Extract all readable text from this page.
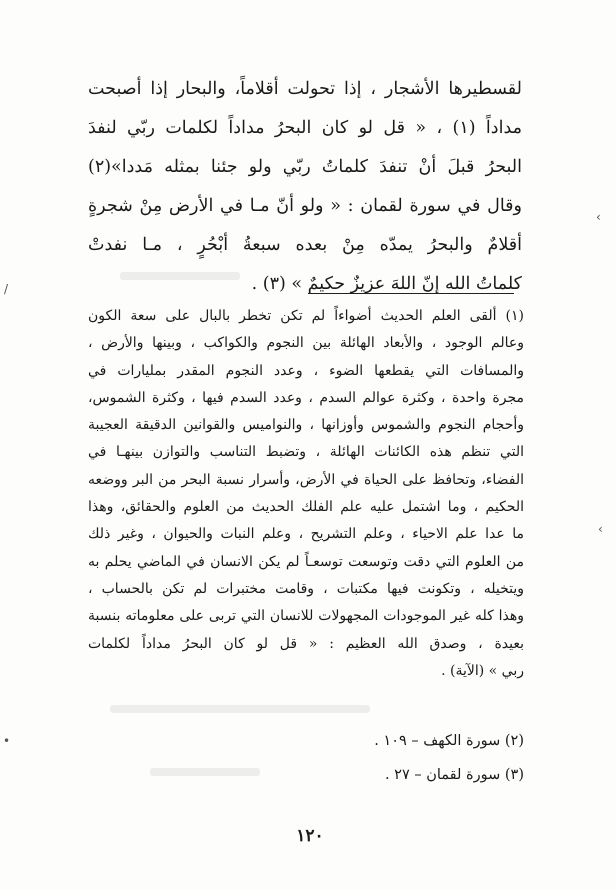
‹
‹
/
•
لقسطيرها الأشجار ، إذا تحولت أقلاماً، والبحار إذا أصبحت
مداداً (١) ، « قل لو كان البحرُ مداداً لكلمات ربّي لنفدَ
البحرُ قبلَ أنْ تنفدَ كلماتُ ربّي ولو جئنا بمثله مَددا»(٢)
وقال في سورة لقمان : « ولو أنّ مـا في الأرض مِنْ شجرةٍ
أقلامٌ والبحرُ يمدّه مِنْ بعده سبعةُ أبْحُرٍ ، مـا نفدتْ
كلماتُ الله إنّ اللهَ عزيزٌ حكيمٌ » (٣) .
(١) ألقى العلم الحديث أضواءاً لم تكن تخطر بالبال على سعة الكون
وعالم الوجود ، والأبعاد الهائلة بين النجوم والكواكب ، وبينها والأرض ،
والمسافات التي يقطعها الضوء ، وعدد النجوم المقدر بمليارات في
مجرة واحدة ، وكثرة عوالم السدم ، وعدد السدم فيها ، وكثرة الشموس،
وأحجام النجوم والشموس وأوزانها ، والنواميس والقوانين الدقيقة العجيبة
التي تنظم هذه الكائنات الهائلة ، وتضبط التناسب والتوازن بينهـا في
الفضاء، وتحافظ على الحياة في الأرض، وأسرار نسبة البحر من البر ووضعه
الحكيم ، وما اشتمل عليه علم الفلك الحديث من العلوم والحقائق، وهذا
ما عدا علم الاحياء ، وعلم التشريح ، وعلم النبات والحيوان ، وغير ذلك
من العلوم التي دقت وتوسعت توسعـاً لم يكن الانسان في الماضي يحلم به
ويتخيله ، وتكونت فيها مكتبات ، وقامت مختبرات لم تكن بالحساب ،
وهذا كله غير الموجودات المجهولات للانسان التي تربى على معلوماته بنسبة
بعيدة ، وصدق الله العظيم : « قل لو كان البحرُ مداداً لكلمات
ربي » (الآية) .
(٢) سورة الكهف – ١٠٩ .
(٣) سورة لقمان – ٢٧ .
١٢٠
